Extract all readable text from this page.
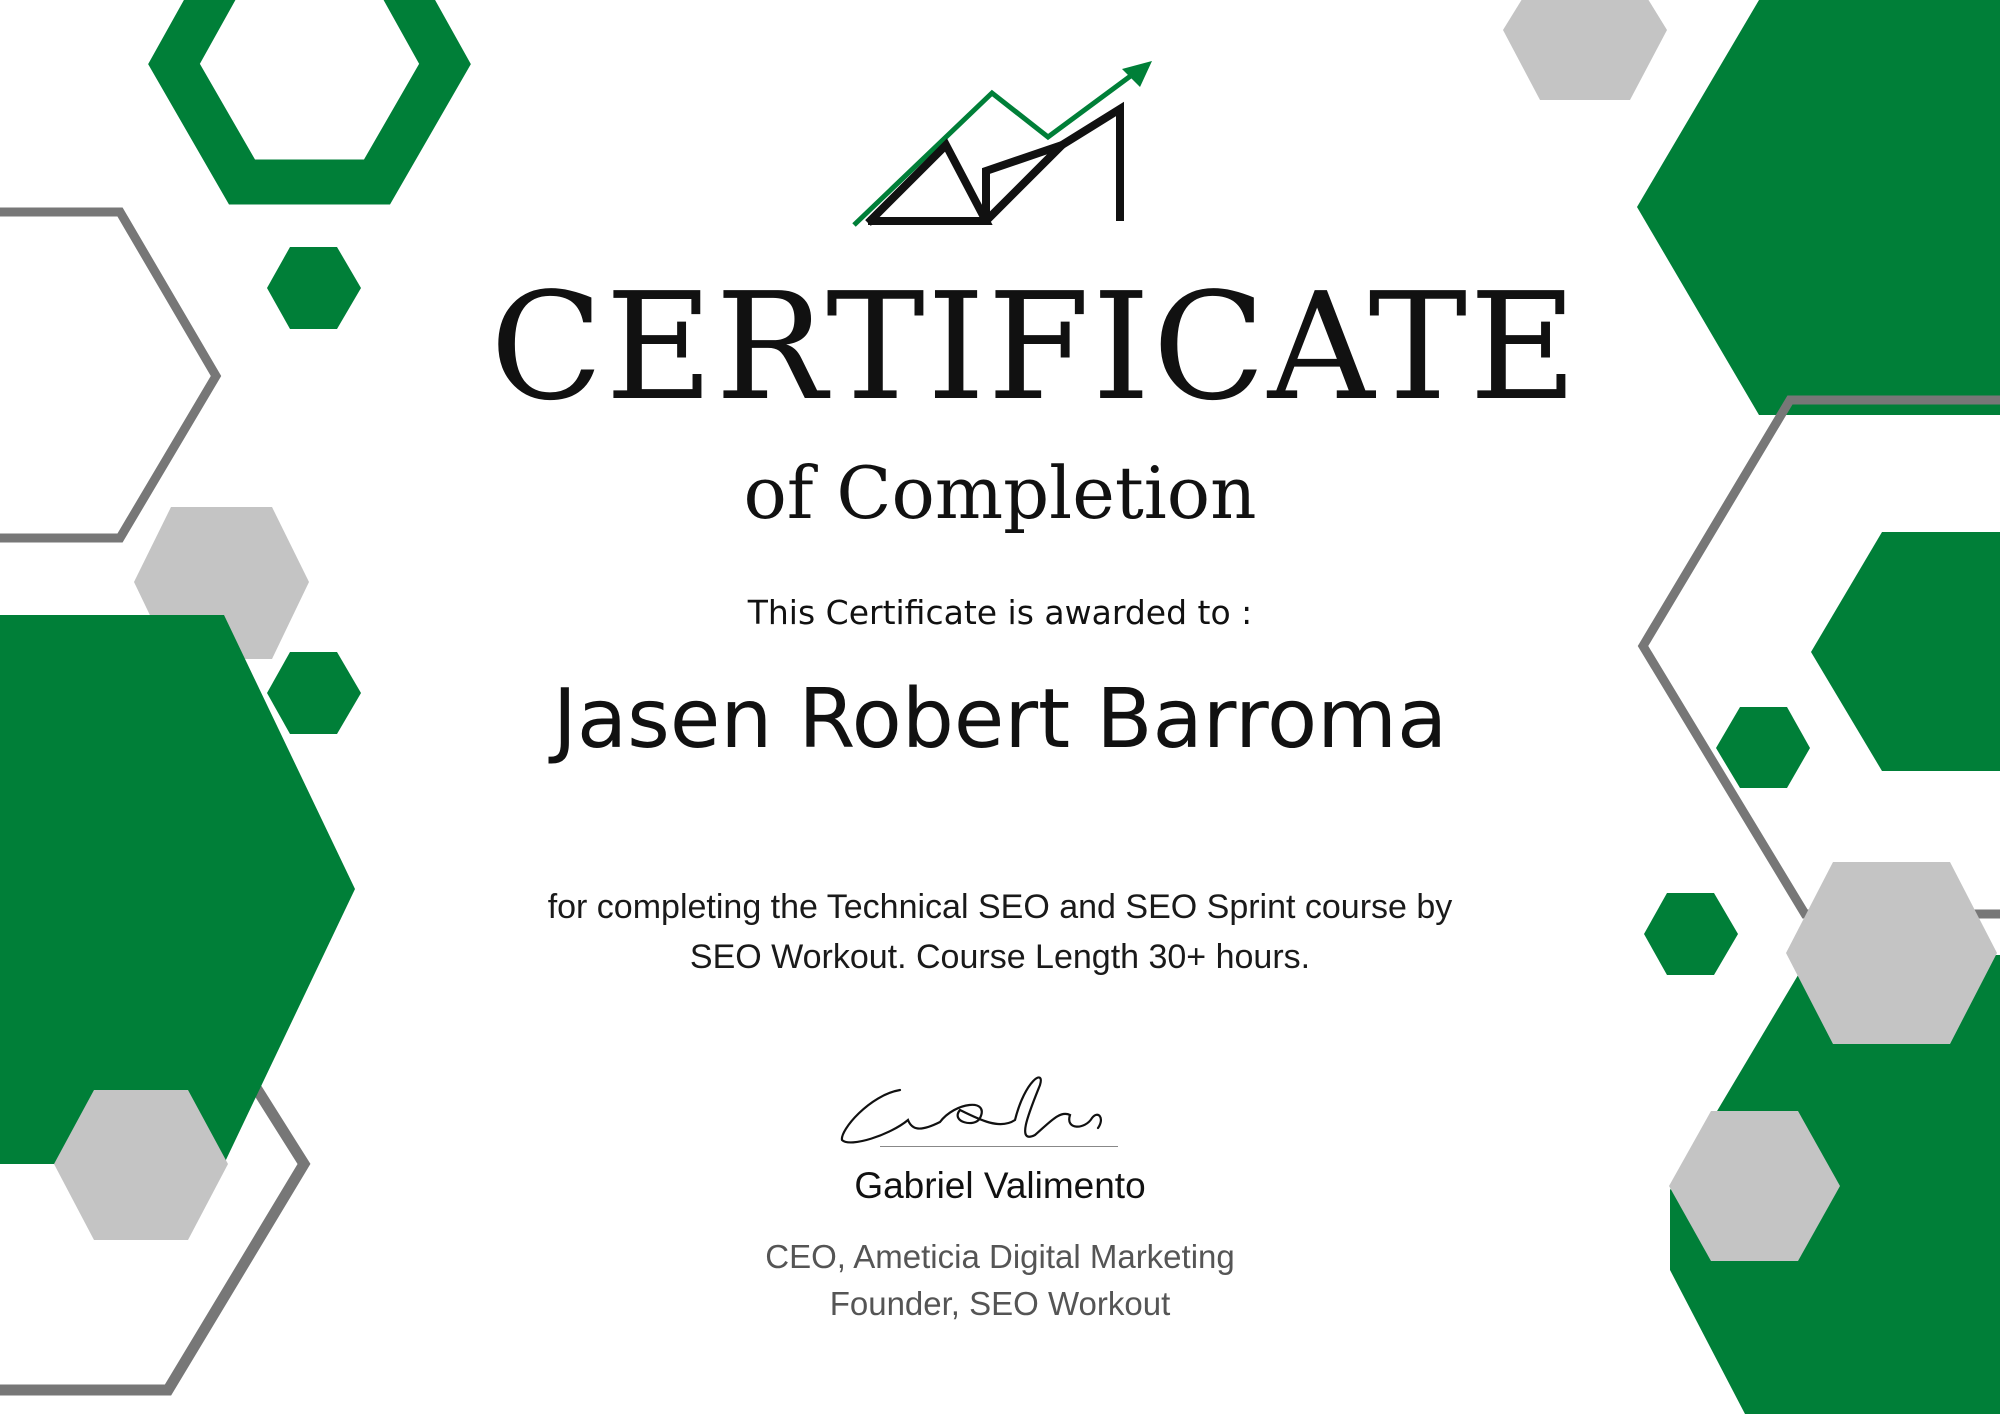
CERTIFICATE
of Completion
This Certificate is awarded to :
Jasen Robert Barroma
for completing the Technical SEO and SEO Sprint course by
SEO Workout. Course Length 30+ hours.
Gabriel Valimento
CEO, Ameticia Digital Marketing
Founder, SEO Workout
